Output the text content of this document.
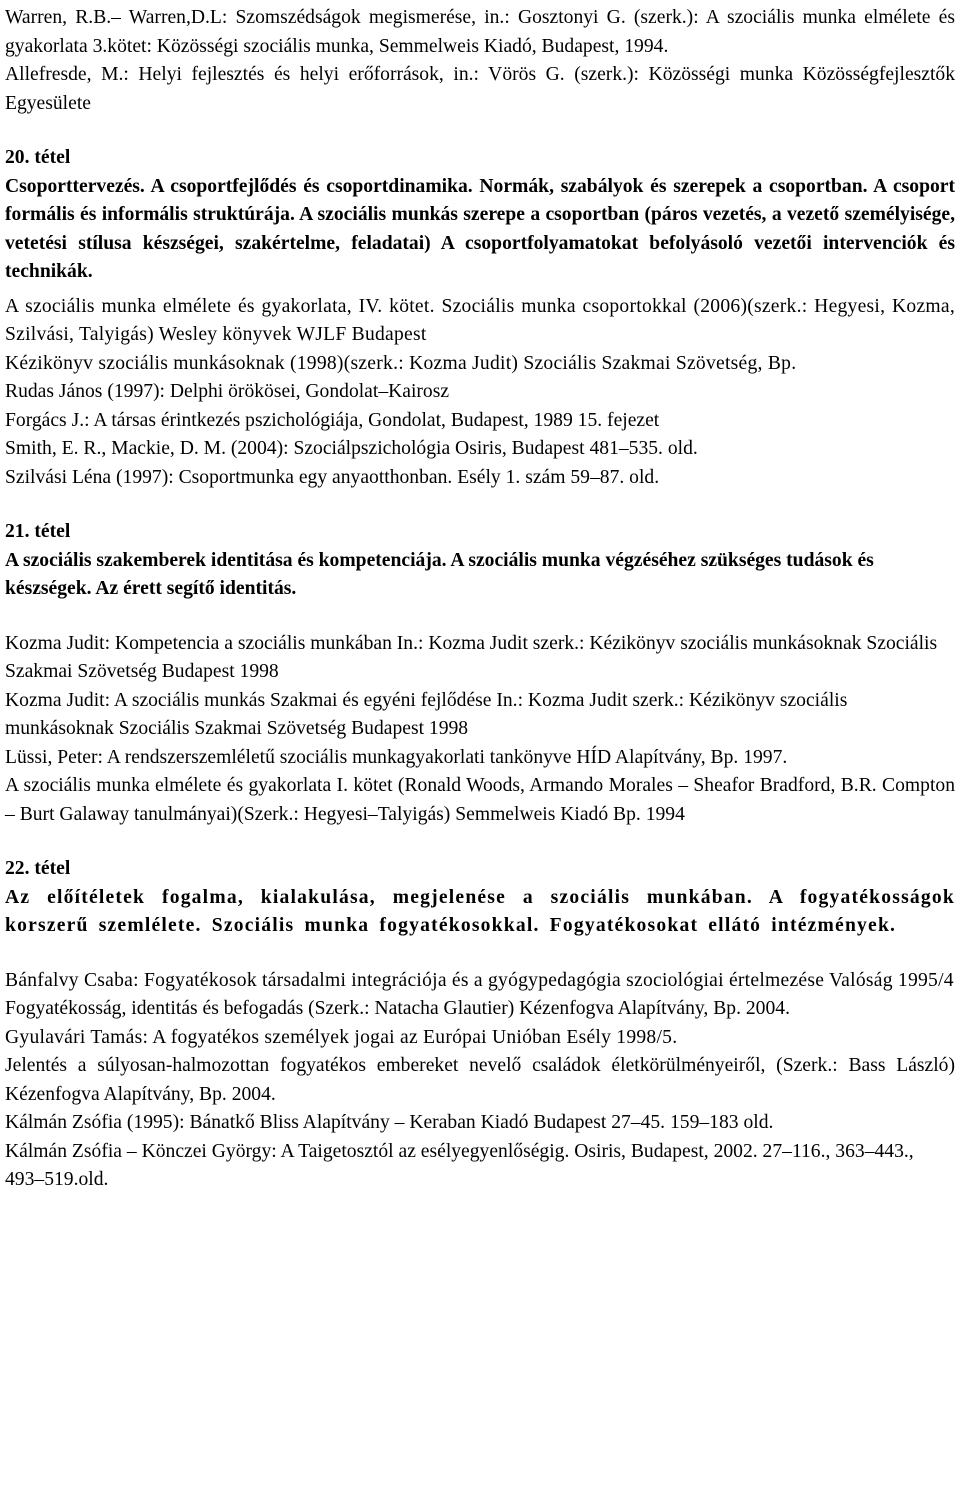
Warren, R.B.– Warren,D.L: Szomszédságok megismerése, in.: Gosztonyi G. (szerk.): A szociális munka elmélete és gyakorlata 3.kötet: Közösségi szociális munka, Semmelweis Kiadó, Budapest, 1994.

Allefresde, M.: Helyi fejlesztés és helyi erőforrások, in.: Vörös G. (szerk.): Közösségi munka Közösségfejlesztők Egyesülete

20. tétel

Csoporttervezés. A csoportfejlődés és csoportdinamika. Normák, szabályok és szerepek a csoportban. A csoport formális és informális struktúrája. A szociális munkás szerepe a csoportban (páros vezetés, a vezető személyisége, vetetési stílusa készségei, szakértelme, feladatai) A csoportfolyamatokat befolyásoló vezetői intervenciók és technikák.

A szociális munka elmélete és gyakorlata, IV. kötet. Szociális munka csoportokkal (2006)(szerk.: Hegyesi, Kozma, Szilvási, Talyigás) Wesley könyvek WJLF Budapest

Kézikönyv szociális munkásoknak (1998)(szerk.: Kozma Judit) Szociális Szakmai Szövetség, Bp.

Rudas János (1997): Delphi örökösei, Gondolat–Kairosz

Forgács J.: A társas érintkezés pszichológiája, Gondolat, Budapest, 1989 15. fejezet

Smith, E. R., Mackie, D. M. (2004): Szociálpszichológia Osiris, Budapest 481–535. old.

Szilvási Léna (1997): Csoportmunka egy anyaotthonban. Esély 1. szám 59–87. old.

21. tétel

A szociális szakemberek identitása és kompetenciája. A szociális munka végzéséhez szükséges tudások és készségek. Az érett segítő identitás.

Kozma Judit: Kompetencia a szociális munkában In.: Kozma Judit szerk.: Kézikönyv szociális munkásoknak Szociális Szakmai Szövetség Budapest 1998

Kozma Judit: A szociális munkás Szakmai és egyéni fejlődése In.: Kozma Judit szerk.: Kézikönyv szociális munkásoknak Szociális Szakmai Szövetség Budapest 1998

Lüssi, Peter: A rendszerszemléletű szociális munkagyakorlati tankönyve HÍD Alapítvány, Bp. 1997.

A szociális munka elmélete és gyakorlata I. kötet (Ronald Woods, Armando Morales – Sheafor Bradford, B.R. Compton – Burt Galaway tanulmányai)(Szerk.: Hegyesi–Talyigás) Semmelweis Kiadó Bp. 1994

22. tétel

Az előítéletek fogalma, kialakulása, megjelenése a szociális munkában. A fogyatékosságok korszerű szemlélete. Szociális munka fogyatékosokkal. Fogyatékosokat ellátó intézmények.

Bánfalvy Csaba: Fogyatékosok társadalmi integrációja és a gyógypedagógia szociológiai értelmezése Valóság 1995/4

Fogyatékosság, identitás és befogadás (Szerk.: Natacha Glautier) Kézenfogva Alapítvány, Bp. 2004.

Gyulavári Tamás: A fogyatékos személyek jogai az Európai Unióban Esély 1998/5.

Jelentés a súlyosan-halmozottan fogyatékos embereket nevelő családok életkörülményeiről, (Szerk.: Bass László) Kézenfogva Alapítvány, Bp. 2004.

Kálmán Zsófia (1995): Bánatkő Bliss Alapítvány – Keraban Kiadó Budapest 27–45. 159–183 old.

Kálmán Zsófia – Könczei György: A Taigetosztól az esélyegyenlőségig. Osiris, Budapest, 2002. 27–116., 363–443., 493–519.old.
